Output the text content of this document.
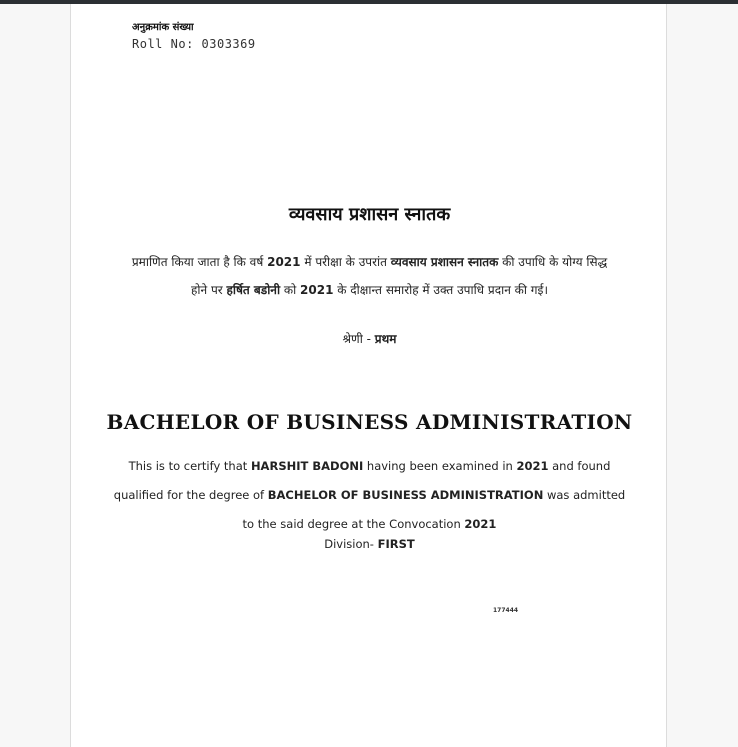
अनुक्रमांक संख्या
Roll No: 0303369
व्यवसाय प्रशासन स्नातक
प्रमाणित किया जाता है कि वर्ष 2021 में परीक्षा के उपरांत व्यवसाय प्रशासन स्नातक की उपाधि के योग्य सिद्ध होने पर हर्षित बडोनी को 2021 के दीक्षान्त समारोह में उक्त उपाधि प्रदान की गई।
श्रेणी - प्रथम
BACHELOR OF BUSINESS ADMINISTRATION
This is to certify that HARSHIT BADONI having been examined in 2021 and found qualified for the degree of BACHELOR OF BUSINESS ADMINISTRATION was admitted to the said degree at the Convocation 2021
Division- FIRST
177444
